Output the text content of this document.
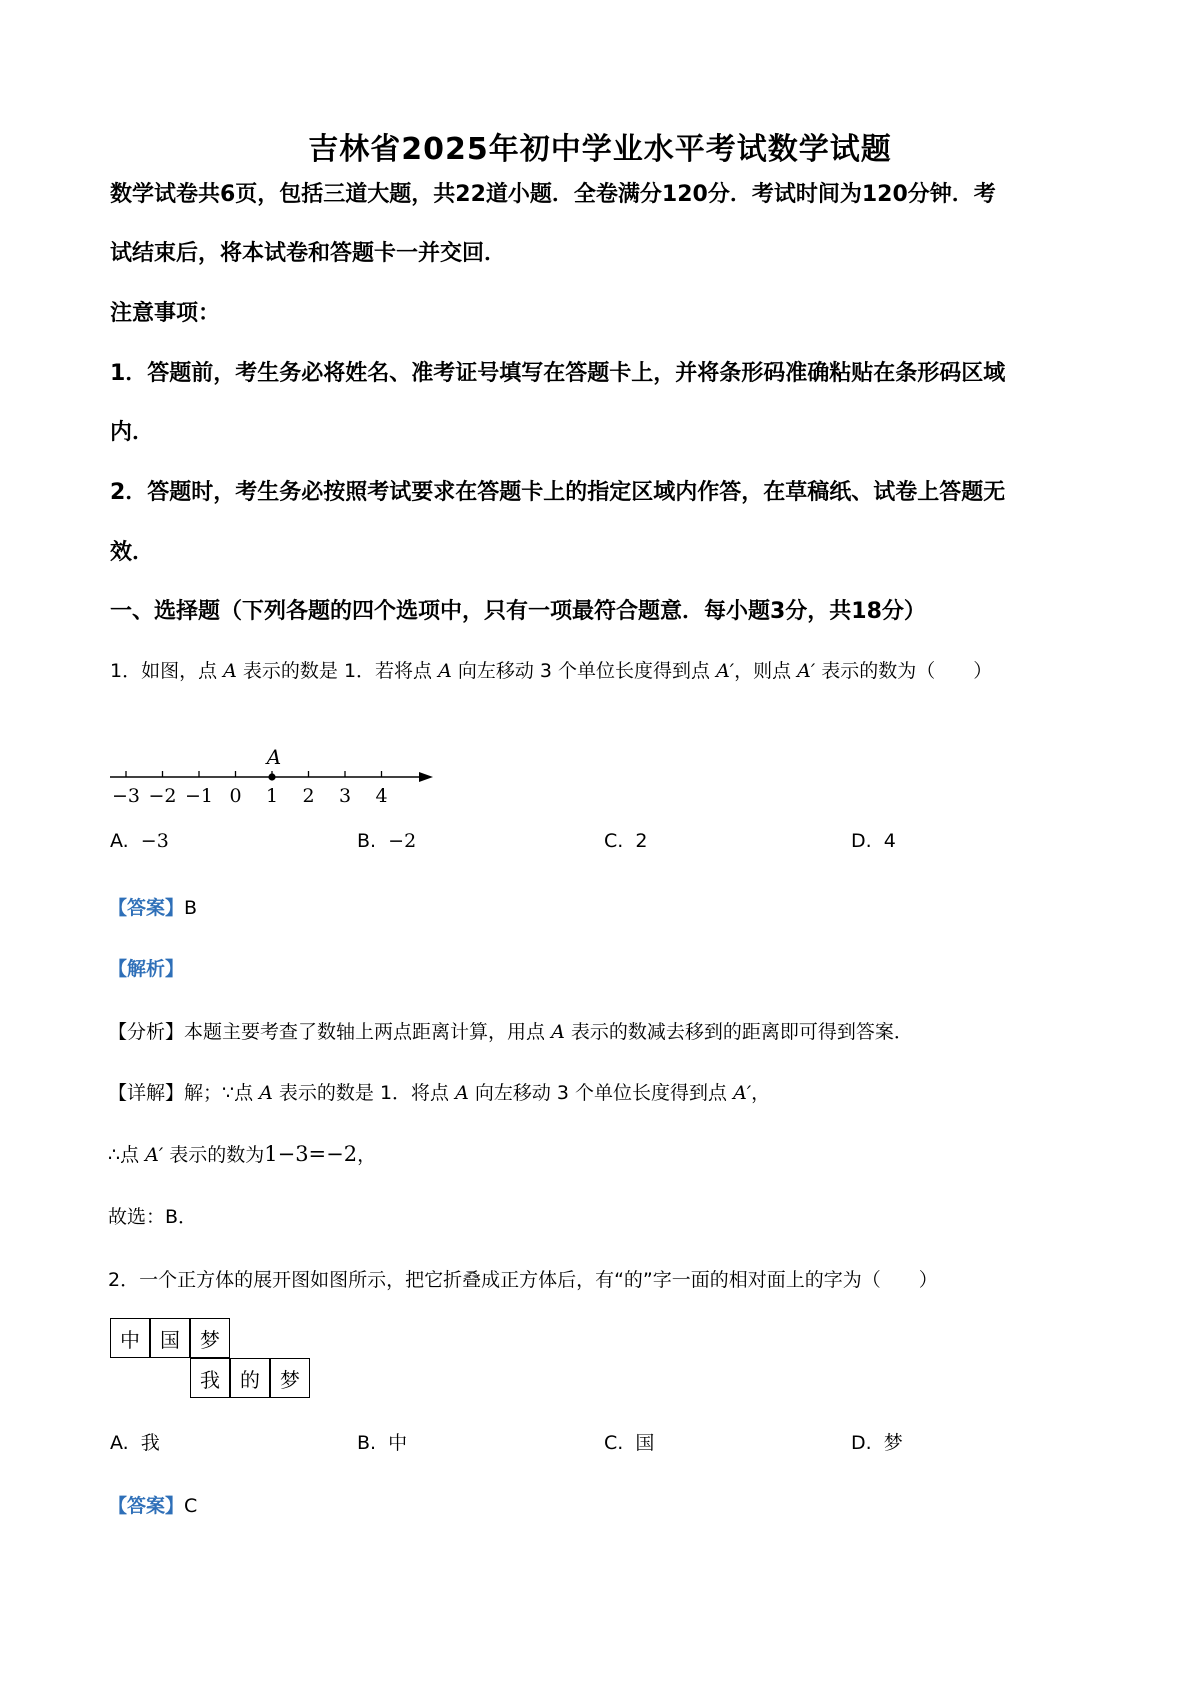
吉林省2025年初中学业水平考试数学试题
数学试卷共6页，包括三道大题，共22道小题．全卷满分120分．考试时间为120分钟．考
试结束后，将本试卷和答题卡一并交回．
注意事项：
1．答题前，考生务必将姓名、准考证号填写在答题卡上，并将条形码准确粘贴在条形码区域
内．
2．答题时，考生务必按照考试要求在答题卡上的指定区域内作答，在草稿纸、试卷上答题无
效．
一、选择题（下列各题的四个选项中，只有一项最符合题意．每小题3分，共18分）
1．如图，点 A 表示的数是 1．若将点 A 向左移动 3 个单位长度得到点 A′，则点 A′ 表示的数为（　　）
−3 −2 −1 0 1 2 3 4
A
A. −3	B. −2	C. 2	D. 4
【答案】B
【解析】
【分析】本题主要考查了数轴上两点距离计算，用点 A 表示的数减去移到的距离即可得到答案．
【详解】解；∵点 A 表示的数是 1．将点 A 向左移动 3 个单位长度得到点 A′，
∴点 A′ 表示的数为1−3=−2，
故选：B．
2．一个正方体的展开图如图所示，把它折叠成正方体后，有“的”字一面的相对面上的字为（　　）
中	国	梦
我	的	梦
A. 我	B. 中	C. 国	D. 梦
【答案】C
